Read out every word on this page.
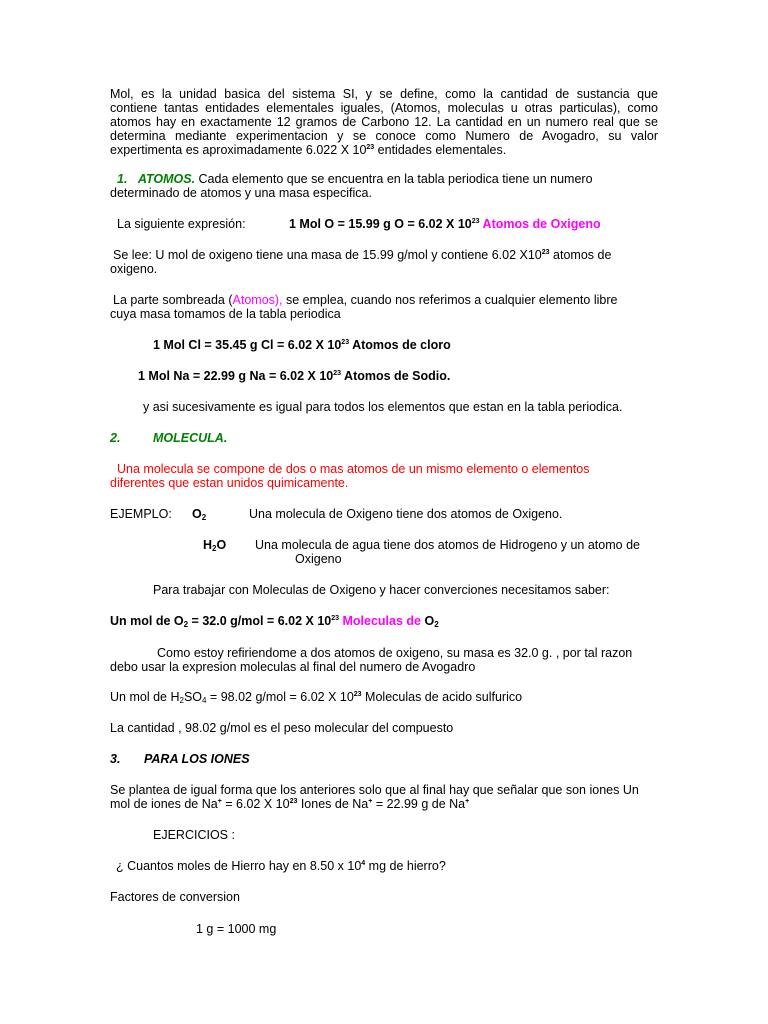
Mol, es la unidad basica del sistema SI, y se define, como la cantidad de sustancia que
contiene tantas entidades elementales iguales, (Atomos, moleculas u otras particulas), como
atomos hay en exactamente 12 gramos de Carbono 12. La cantidad en un numero real que se
determina mediante experimentacion y se conoce como Numero de Avogadro, su valor
expertimenta es aproximadamente 6.022 X $10^{23}$ entidades elementales.
1. ATOMOS. Cada elemento que se encuentra en la tabla periodica tiene un numero
determinado de atomos y una masa especifica.
La siguiente expresión:	1 Mol O = 15.99 g O = 6.02 X $10^{23}$ Atomos de Oxigeno
Se lee: U mol de oxigeno tiene una masa de 15.99 g/mol y contiene 6.02 $X10^{23}$ atomos de
oxigeno.
La parte sombreada (Atomos), se emplea, cuando nos referimos a cualquier elemento libre
cuya masa tomamos de la tabla periodica
1 Mol Cl = 35.45 g Cl = 6.02 X $10^{23}$ Atomos de cloro
1 Mol Na = 22.99 g Na = 6.02 X $10^{23}$ Atomos de Sodio.
y asi sucesivamente es igual para todos los elementos que estan en la tabla periodica.
2.	MOLECULA.
Una molecula se compone de dos o mas atomos de un mismo elemento o elementos
diferentes que estan unidos quimicamente.
EJEMPLO: $O_2$	Una molecula de Oxigeno tiene dos atomos de Oxigeno.
$H_2O$ Una molecula de agua tiene dos atomos de Hidrogeno y un atomo de
Oxigeno
Para trabajar con Moleculas de Oxigeno y hacer converciones necesitamos saber:
Un mol de $O_2 = 32.0$ g/mol = 6.02 X $10^{23}$ Moleculas de $O_2$
Como estoy refiriendome a dos atomos de oxigeno, su masa es 32.0 g. , por tal razon
debo usar la expresion moleculas al final del numero de Avogadro
Un mol de $H_2SO_4 = 98.02$ g/mol = 6.02 X $10^{23}$ Moleculas de acido sulfurico
La cantidad , 98.02 g/mol es el peso molecular del compuesto
3. PARA LOS IONES
Se plantea de igual forma que los anteriores solo que al final hay que señalar que son iones Un
mol de iones de Na+ = 6.02 X $10^{23}$ Iones de Na+ = 22.99 g de Na+
EJERCICIOS :
¿ Cuantos moles de Hierro hay en 8.50 x $10^4$ mg de hierro?
Factores de conversion
1 g = 1000 mg
